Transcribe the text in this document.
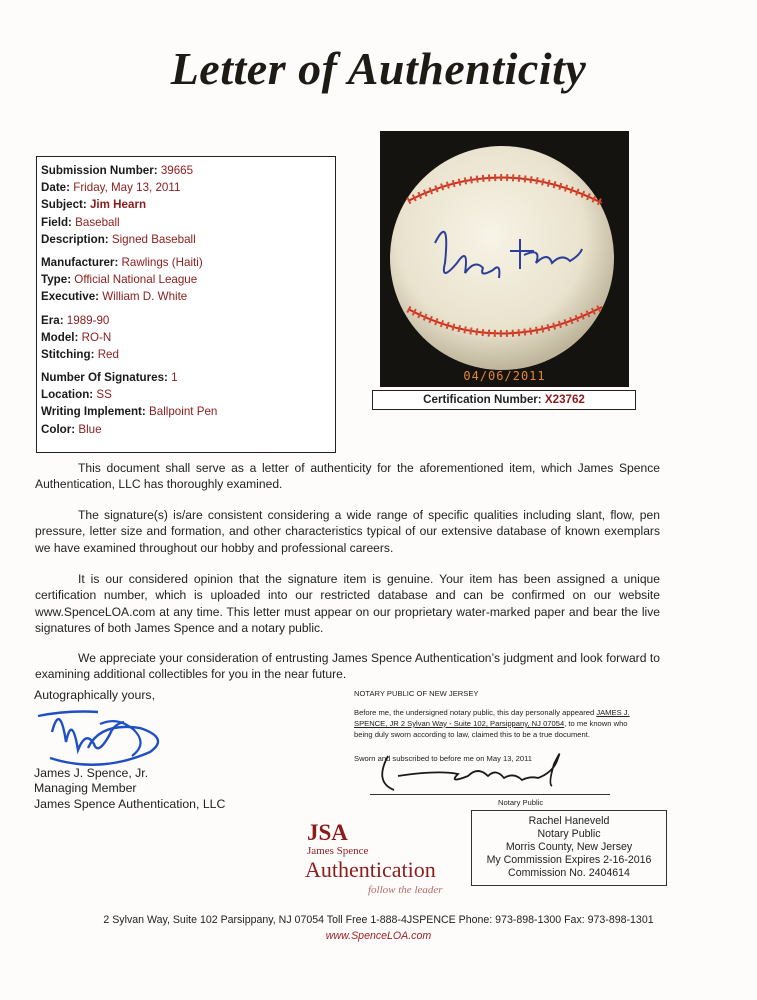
Letter of Authenticity
Submission Number: 39665
Date: Friday, May 13, 2011
Subject: Jim Hearn
Field: Baseball
Description: Signed Baseball
Manufacturer: Rawlings (Haiti)
Type: Official National League
Executive: William D. White
Era: 1989-90
Model: RO-N
Stitching: Red
Number Of Signatures: 1
Location: SS
Writing Implement: Ballpoint Pen
Color: Blue
04/06/2011
Certification Number: X23762

This document shall serve as a letter of authenticity for the aforementioned item, which James Spence Authentication, LLC has thoroughly examined.

The signature(s) is/are consistent considering a wide range of specific qualities including slant, flow, pen pressure, letter size and formation, and other characteristics typical of our extensive database of known exemplars we have examined throughout our hobby and professional careers.

It is our considered opinion that the signature item is genuine. Your item has been assigned a unique certification number, which is uploaded into our restricted database and can be confirmed on our website www.SpenceLOA.com at any time. This letter must appear on our proprietary water-marked paper and bear the live signatures of both James Spence and a notary public.

We appreciate your consideration of entrusting James Spence Authentication’s judgment and look forward to examining additional collectibles for you in the near future.

Autographically yours,
James J. Spence, Jr.
Managing Member
James Spence Authentication, LLC
NOTARY PUBLIC OF NEW JERSEY
Before me, the undersigned notary public, this day personally appeared JAMES J.
SPENCE, JR 2 Sylvan Way - Suite 102, Parsippany, NJ 07054, to me known who
being duly sworn according to law, claimed this to be a true document.
Sworn and subscribed to before me on May 13, 2011
Notary Public
Rachel Haneveld
Notary Public
Morris County, New Jersey
My Commission Expires 2-16-2016
Commission No. 2404614
JSA
James Spence
Authentication
follow the leader
2 Sylvan Way, Suite 102 Parsippany, NJ 07054 Toll Free 1-888-4JSPENCE Phone: 973-898-1300 Fax: 973-898-1301
www.SpenceLOA.com
